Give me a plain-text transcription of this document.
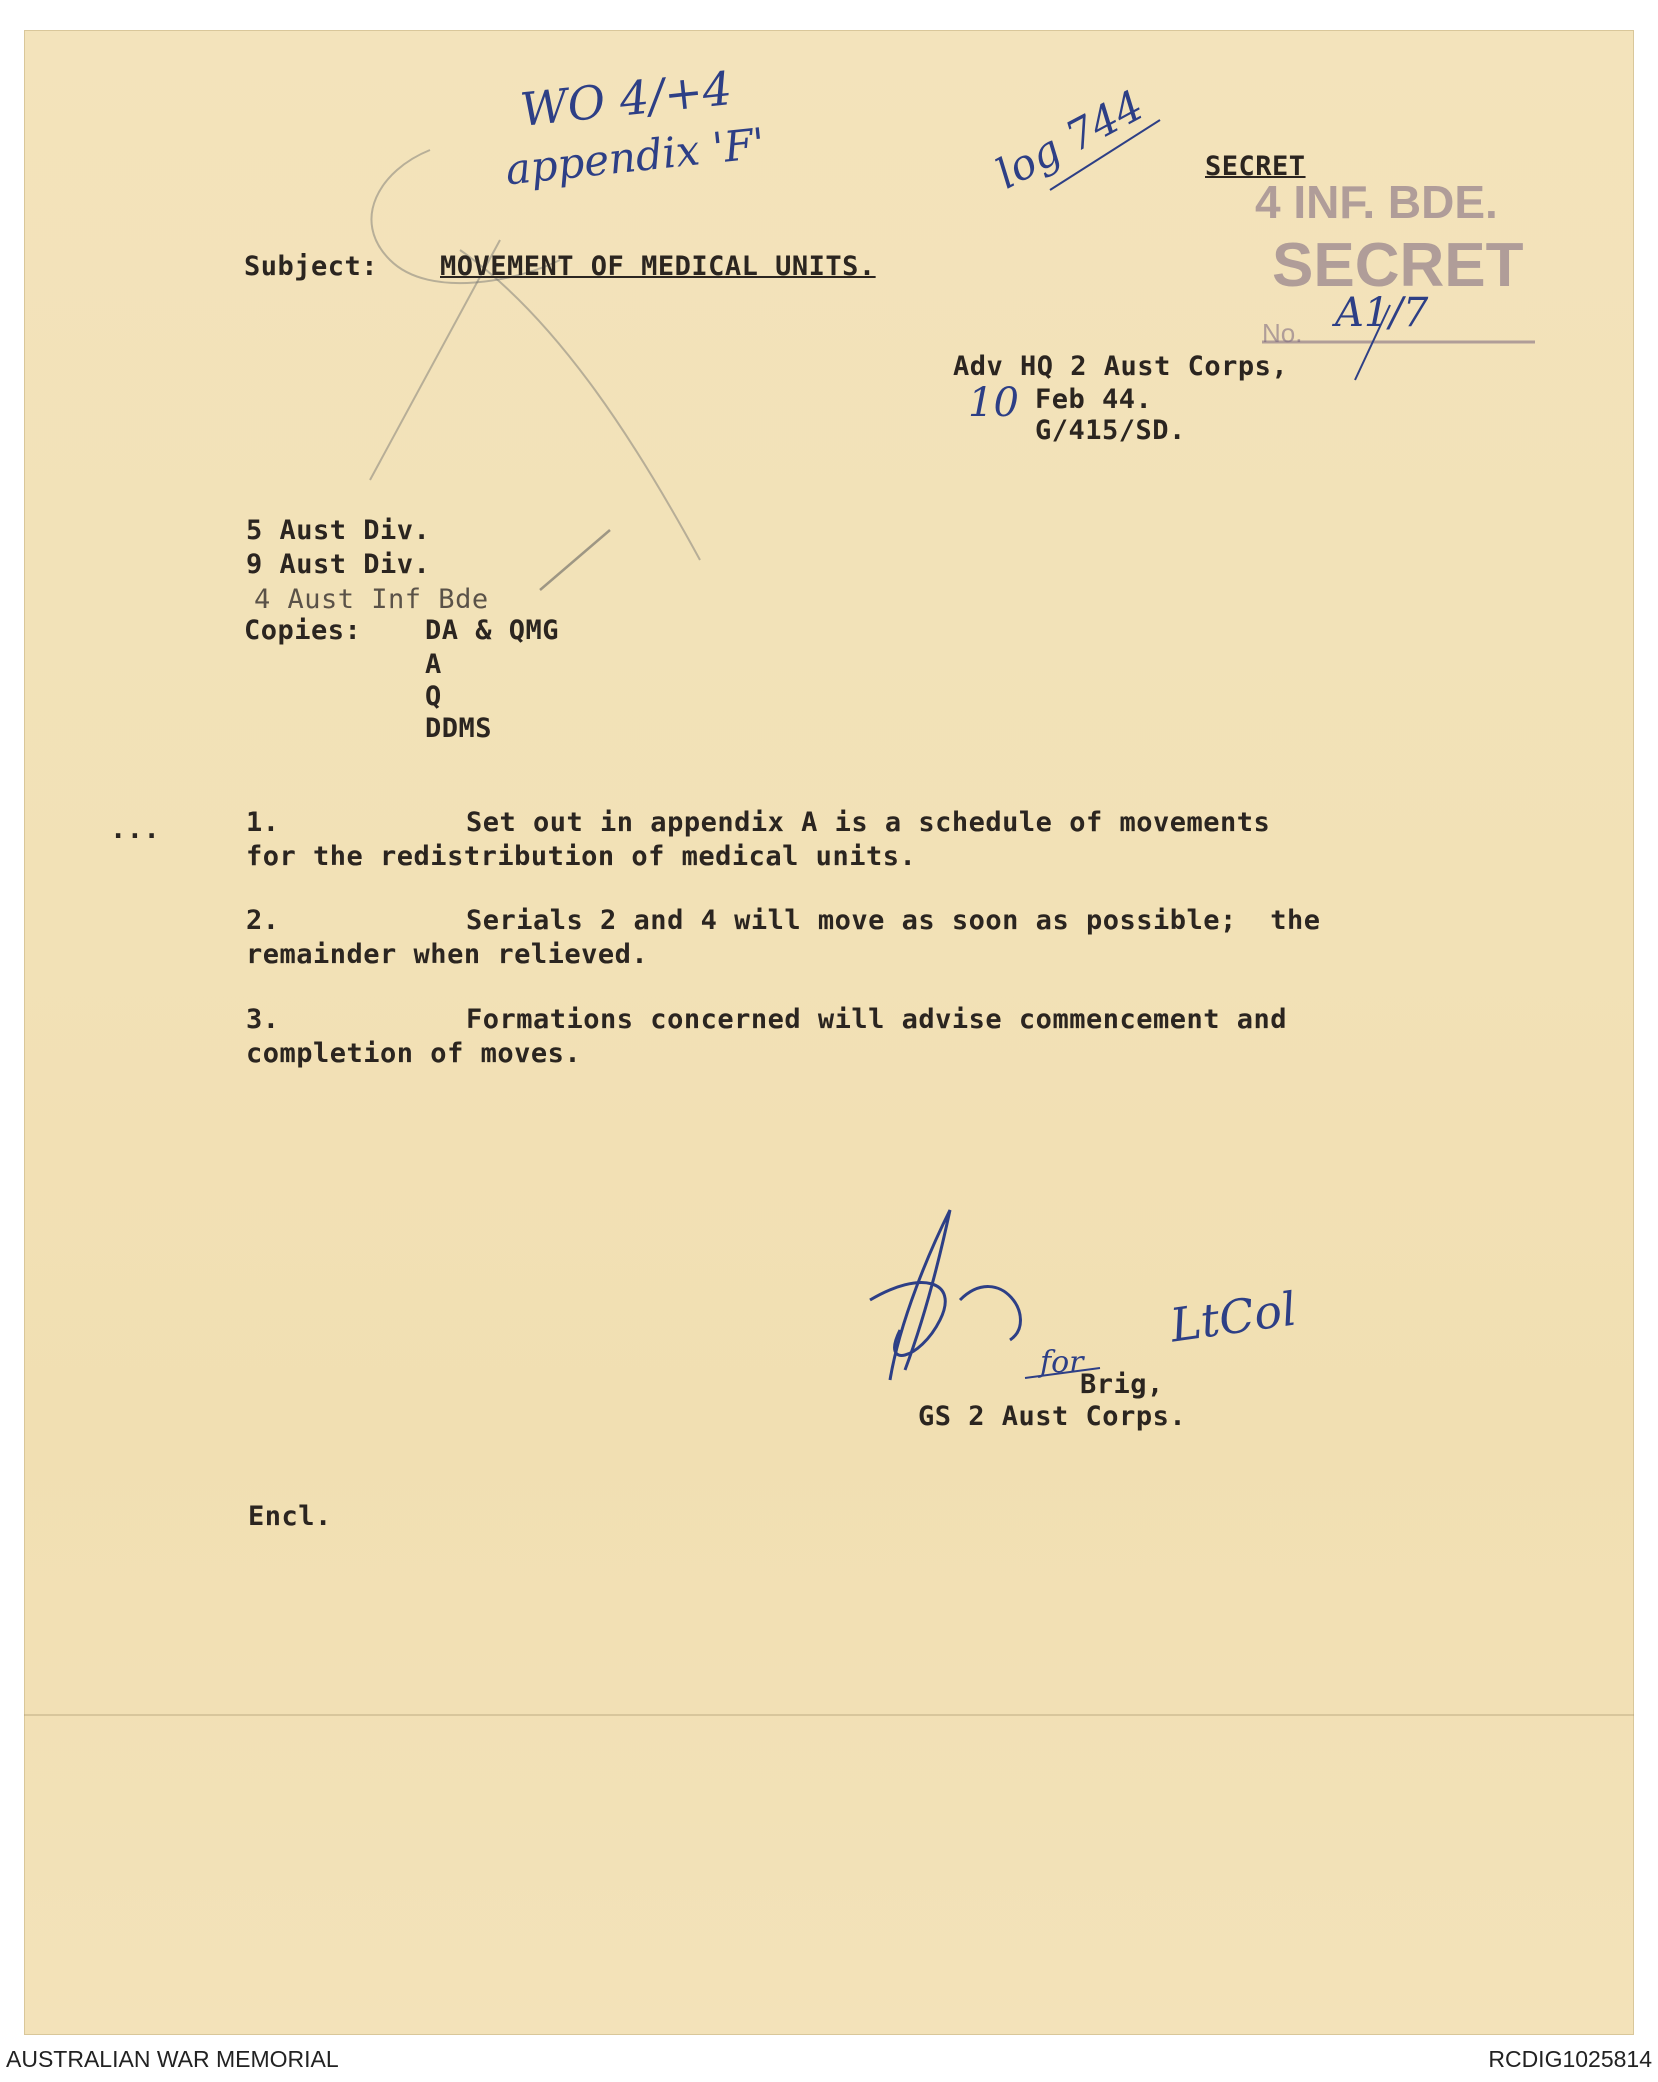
WO 4/+4
appendix 'F'	log 744
10
A1/7
LtCol
for
4 INF. BDE.
SECRET
No.
SECRET
Subject: MOVEMENT OF MEDICAL UNITS.
Adv HQ 2 Aust Corps,
Feb 44.
G/415/SD.
5 Aust Div.
9 Aust Div.
4 Aust Inf Bde
Copies: DA & QMG
A
Q
DDMS
...	1.	Set out in appendix A is a schedule of movements
for the redistribution of medical units.
2.	Serials 2 and 4 will move as soon as possible;  the
remainder when relieved.
3.	Formations concerned will advise commencement and
completion of moves.
Brig,
GS 2 Aust Corps.
Encl.
AUSTRALIAN WAR MEMORIAL	RCDIG1025814
